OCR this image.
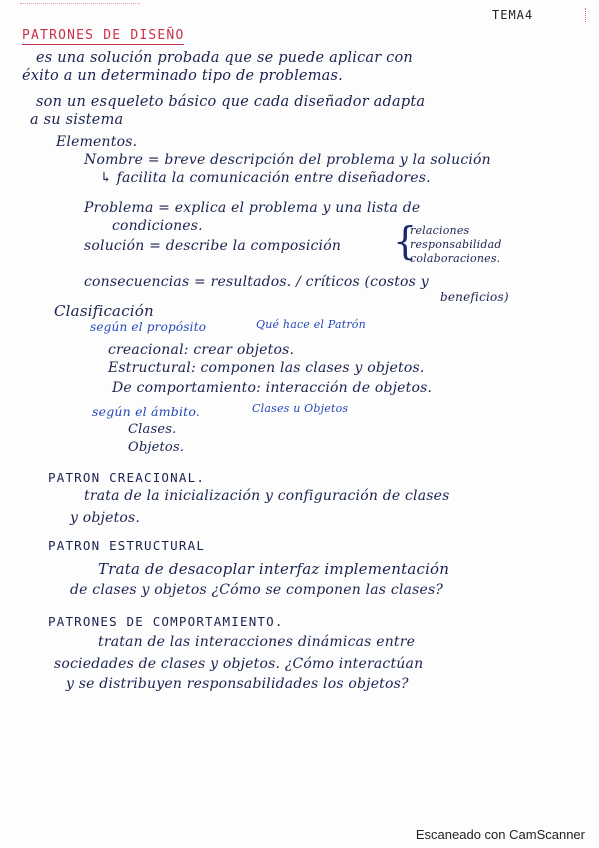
TEMA4
PATRONES DE DISEÑO
es una solución probada que se puede aplicar con
éxito a un determinado tipo de problemas.
son un esqueleto básico que cada diseñador adapta
a su sistema
Elementos.
Nombre = breve descripción del problema y la solución
↳ facilita la comunicación entre diseñadores.
Problema = explica el problema y una lista de
condiciones.
solución = describe la composición {
relaciones
responsabilidad
colaboraciones.
consecuencias = resultados. / críticos (costos y
beneficios)
Clasificación
según el propósito	Qué hace el Patrón
creacional: crear objetos.
Estructural: componen las clases y objetos.
De comportamiento: interacción de objetos.
según el ámbito.	Clases u Objetos
Clases.
Objetos.
PATRON CREACIONAL.
trata de la inicialización y configuración de clases
y objetos.
PATRON ESTRUCTURAL
Trata de desacoplar interfaz implementación
de clases y objetos ¿Cómo se componen las clases?
PATRONES DE COMPORTAMIENTO.
tratan de las interacciones dinámicas entre
sociedades de clases y objetos. ¿Cómo interactúan
y se distribuyen responsabilidades los objetos?
Escaneado con CamScanner
